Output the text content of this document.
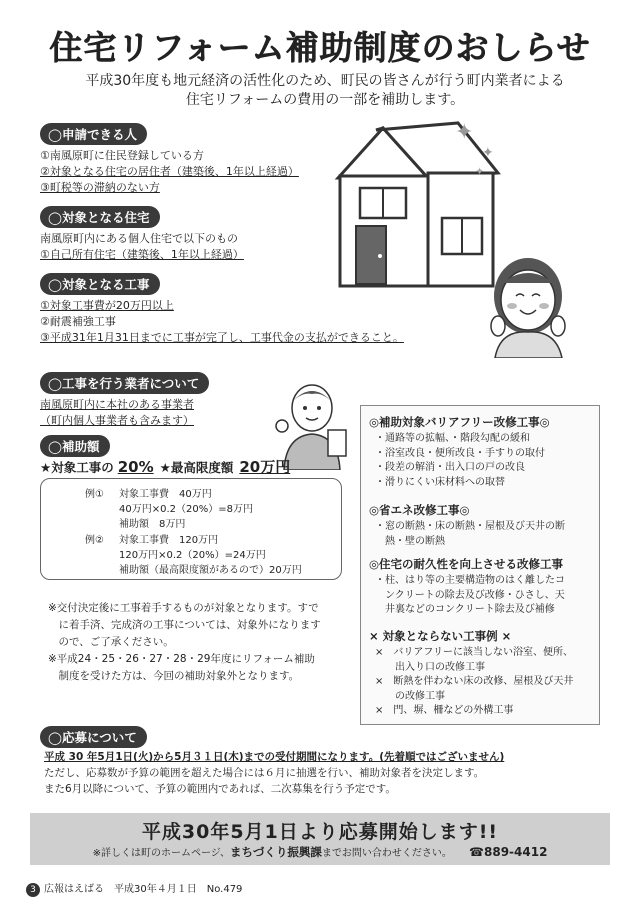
住宅リフォーム補助制度のおしらせ
平成30年度も地元経済の活性化のため、町民の皆さんが行う町内業者による
住宅リフォームの費用の一部を補助します。
◯申請できる人
①南風原町に住民登録している方
②対象となる住宅の居住者（建築後、1年以上経過）
③町税等の滞納のない方
◯対象となる住宅
南風原町内にある個人住宅で以下のもの
①自己所有住宅（建築後、1年以上経過）
◯対象となる工事
①対象工事費が20万円以上
②耐震補強工事
③平成31年1月31日までに工事が完了し、工事代金の支払ができること。
✦
✦
✦
◯工事を行う業者について
南風原町内に本社のある事業者
（町内個人事業者も含みます）
◯補助額
★対象工事の 20% ★最高限度額 20万円
例① 対象工事費　40万円
40万円×0.2（20%）=8万円
補助額　8万円
例② 対象工事費　120万円
120万円×0.2（20%）=24万円
補助額（最高限度額があるので）20万円
※交付決定後に工事着手するものが対象となります。すで
　に着手済、完成済の工事については、対象外になります
　ので、ご了承ください。
※平成24・25・26・27・28・29年度にリフォーム補助
　制度を受けた方は、今回の補助対象外となります。
◎補助対象バリアフリー改修工事◎
・通路等の拡幅、・階段勾配の緩和
・浴室改良・便所改良・手すりの取付
・段差の解消・出入口の戸の改良
・滑りにくい床材料への取替
◎省エネ改修工事◎
・窓の断熱・床の断熱・屋根及び天井の断
　熱・壁の断熱
◎住宅の耐久性を向上させる改修工事
・柱、はり等の主要構造物のはく離したコ
　ンクリートの除去及び改修・ひさし、天
　井裏などのコンクリート除去及び補修
× 対象とならない工事例 ×
×　バリアフリーに該当しない浴室、便所、
　　出入り口の改修工事
×　断熱を伴わない床の改修、屋根及び天井
　　の改修工事
×　門、塀、柵などの外構工事
◯応募について
平成 30 年5月1日(火)から5月３１日(木)までの受付期間になります。(先着順ではございません)
ただし、応募数が予算の範囲を超えた場合には６月に抽選を行い、補助対象者を決定します。
また6月以降について、予算の範囲内であれば、二次募集を行う予定です。
平成30年5月1日より応募開始します!!
※詳しくは町のホームページ、まちづくり振興課までお問い合わせください。 ☎889-4412
3 広報はえばる　平成30年４月１日　No.479
